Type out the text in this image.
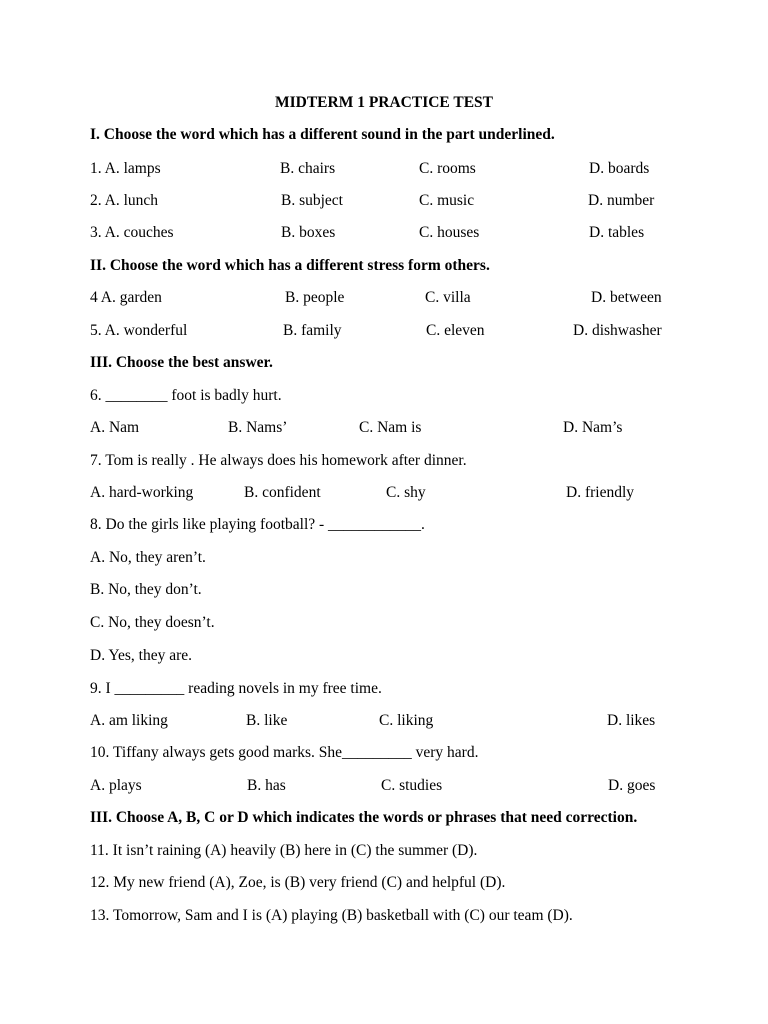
MIDTERM 1 PRACTICE TEST
I. Choose the word which has a different sound in the part underlined.
1. A. lamps	B. chairs	C. rooms	D. boards
2. A. lunch	B. subject	C. music	D. number
3. A. couches	B. boxes	C. houses	D. tables
II. Choose the word which has a different stress form others.
4 A. garden	B. people	C. villa	D. between
5. A. wonderful	B. family	C. eleven	D. dishwasher
III. Choose the best answer.
6. ________ foot is badly hurt.
A. Nam	B. Nams’	C. Nam is	D. Nam’s
7. Tom is really . He always does his homework after dinner.
A. hard-working	B. confident	C. shy	D. friendly
8. Do the girls like playing football? - ____________.
A. No, they aren’t.
B. No, they don’t.
C. No, they doesn’t.
D. Yes, they are.
9. I _________ reading novels in my free time.
A. am liking	B. like	C. liking	D. likes
10. Tiffany always gets good marks. She_________ very hard.
A. plays	B. has	C. studies	D. goes
III. Choose A, B, C or D which indicates the words or phrases that need correction.
11. It isn’t raining (A) heavily (B) here in (C) the summer (D).
12. My new friend (A), Zoe, is (B) very friend (C) and helpful (D).
13. Tomorrow, Sam and I is (A) playing (B) basketball with (C) our team (D).
